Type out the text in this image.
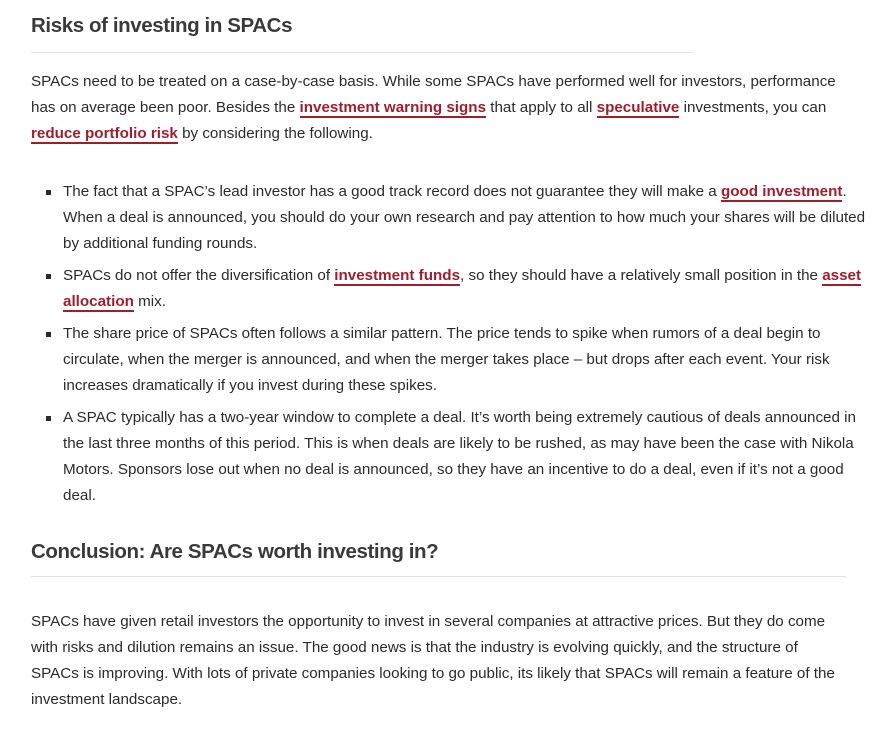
Risks of investing in SPACs

SPACs need to be treated on a case-by-case basis. While some SPACs have performed well for investors, performance has on average been poor. Besides the investment warning signs that apply to all speculative investments, you can reduce portfolio risk by considering the following.

The fact that a SPAC’s lead investor has a good track record does not guarantee they will make a good investment. When a deal is announced, you should do your own research and pay attention to how much your shares will be diluted by additional funding rounds.
SPACs do not offer the diversification of investment funds, so they should have a relatively small position in the asset allocation mix.
The share price of SPACs often follows a similar pattern. The price tends to spike when rumors of a deal begin to circulate, when the merger is announced, and when the merger takes place – but drops after each event. Your risk increases dramatically if you invest during these spikes.
A SPAC typically has a two-year window to complete a deal. It’s worth being extremely cautious of deals announced in the last three months of this period. This is when deals are likely to be rushed, as may have been the case with Nikola Motors. Sponsors lose out when no deal is announced, so they have an incentive to do a deal, even if it’s not a good deal.
Conclusion: Are SPACs worth investing in?

SPACs have given retail investors the opportunity to invest in several companies at attractive prices. But they do come with risks and dilution remains an issue. The good news is that the industry is evolving quickly, and the structure of SPACs is improving. With lots of private companies looking to go public, its likely that SPACs will remain a feature of the investment landscape.
